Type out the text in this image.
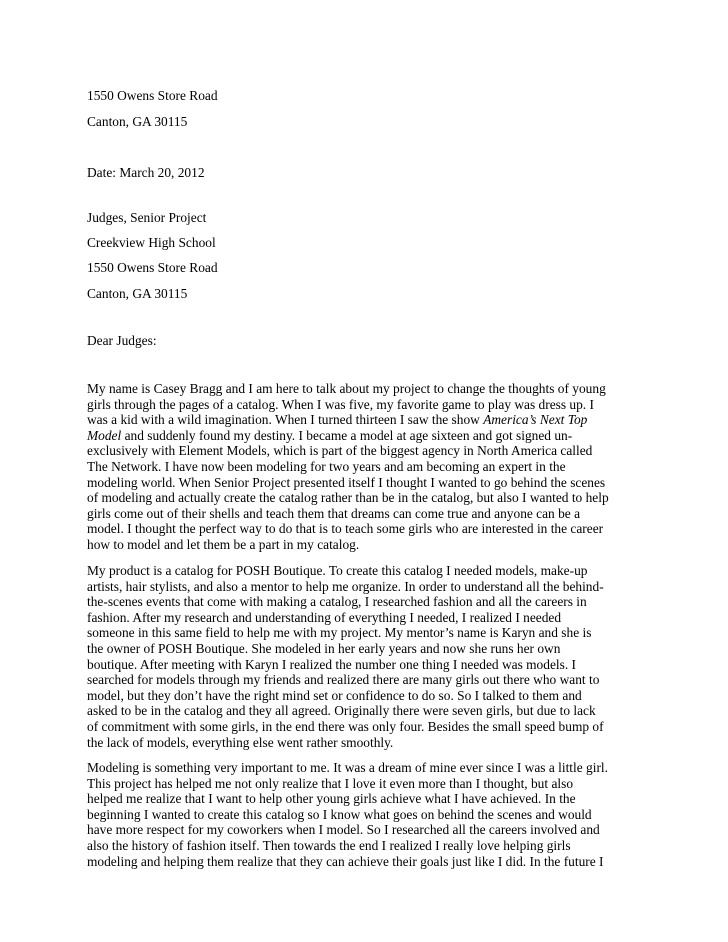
1550 Owens Store Road
Canton, GA 30115
Date: March 20, 2012
Judges, Senior Project
Creekview High School
1550 Owens Store Road
Canton, GA 30115
Dear Judges:
My name is Casey Bragg and I am here to talk about my project to change the thoughts of young
girls through the pages of a catalog. When I was five, my favorite game to play was dress up. I
was a kid with a wild imagination. When I turned thirteen I saw the show America’s Next Top
Model and suddenly found my destiny. I became a model at age sixteen and got signed un-
exclusively with Element Models, which is part of the biggest agency in North America called
The Network. I have now been modeling for two years and am becoming an expert in the
modeling world. When Senior Project presented itself I thought I wanted to go behind the scenes
of modeling and actually create the catalog rather than be in the catalog, but also I wanted to help
girls come out of their shells and teach them that dreams can come true and anyone can be a
model. I thought the perfect way to do that is to teach some girls who are interested in the career
how to model and let them be a part in my catalog.
My product is a catalog for POSH Boutique. To create this catalog I needed models, make-up
artists, hair stylists, and also a mentor to help me organize. In order to understand all the behind-
the-scenes events that come with making a catalog, I researched fashion and all the careers in
fashion. After my research and understanding of everything I needed, I realized I needed
someone in this same field to help me with my project. My mentor’s name is Karyn and she is
the owner of POSH Boutique. She modeled in her early years and now she runs her own
boutique. After meeting with Karyn I realized the number one thing I needed was models. I
searched for models through my friends and realized there are many girls out there who want to
model, but they don’t have the right mind set or confidence to do so. So I talked to them and
asked to be in the catalog and they all agreed. Originally there were seven girls, but due to lack
of commitment with some girls, in the end there was only four. Besides the small speed bump of
the lack of models, everything else went rather smoothly.
Modeling is something very important to me. It was a dream of mine ever since I was a little girl.
This project has helped me not only realize that I love it even more than I thought, but also
helped me realize that I want to help other young girls achieve what I have achieved. In the
beginning I wanted to create this catalog so I know what goes on behind the scenes and would
have more respect for my coworkers when I model. So I researched all the careers involved and
also the history of fashion itself. Then towards the end I realized I really love helping girls
modeling and helping them realize that they can achieve their goals just like I did. In the future I
